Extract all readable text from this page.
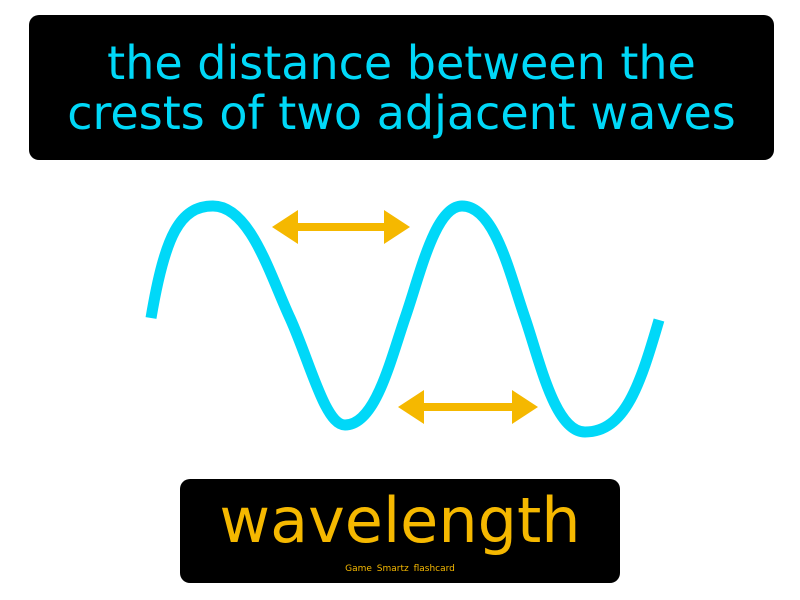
the distance between the
crests of two adjacent waves
wavelength
Game Smartz flashcard
